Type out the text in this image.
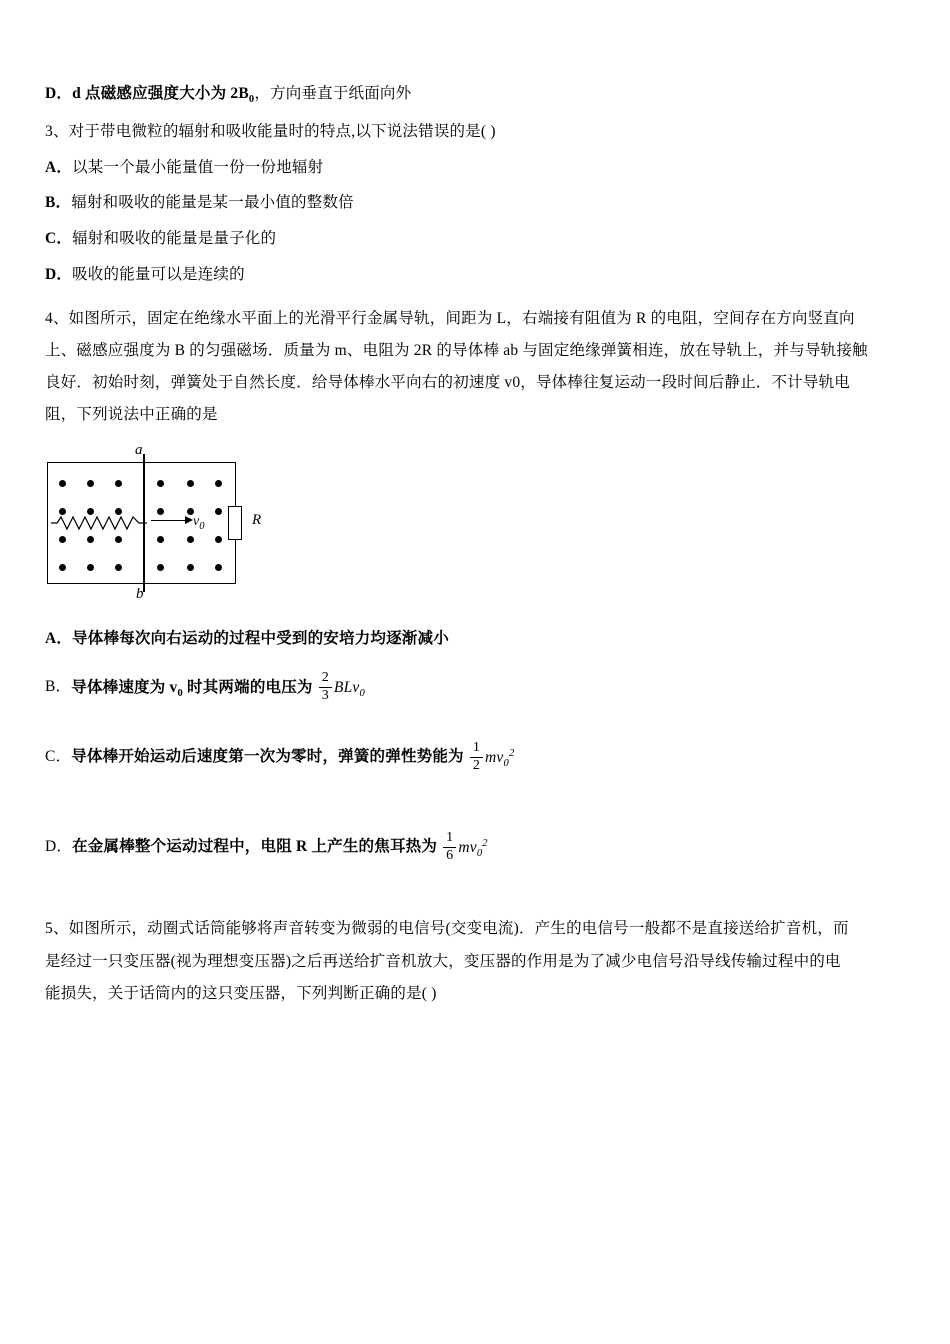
D．d 点磁感应强度大小为 $2B_0$，方向垂直于纸面向外
3、对于带电微粒的辐射和吸收能量时的特点,以下说法错误的是( )
A．以某一个最小能量值一份一份地辐射
B．辐射和吸收的能量是某一最小值的整数倍
C．辐射和吸收的能量是量子化的
D．吸收的能量可以是连续的
4、如图所示，固定在绝缘水平面上的光滑平行金属导轨，间距为 L，右端接有阻值为 R 的电阻，空间存在方向竖直向
上、磁感应强度为 B 的匀强磁场．质量为 m、电阻为 2R 的导体棒 ab 与固定绝缘弹簧相连，放在导轨上，并与导轨接触
良好．初始时刻，弹簧处于自然长度．给导体棒水平向右的初速度 v0，导体棒往复运动一段时间后静止．不计导轨电
阻，下列说法中正确的是
R
a
b
$v_0$
A．导体棒每次向右运动的过程中受到的安培力均逐渐减小
B．导体棒速度为 $v_0$ 时其两端的电压为 $\frac{2}{3} BLv_0$
C．导体棒开始运动后速度第一次为零时，弹簧的弹性势能为 $\frac{1}{2} mv_0^2$
D．在金属棒整个运动过程中，电阻 R 上产生的焦耳热为 $\frac{1}{6} mv_0^2$
5、如图所示，动圈式话筒能够将声音转变为微弱的电信号(交变电流)．产生的电信号一般都不是直接送给扩音机，而
是经过一只变压器(视为理想变压器)之后再送给扩音机放大，变压器的作用是为了减少电信号沿导线传输过程中的电
能损失，关于话筒内的这只变压器，下列判断正确的是( )
